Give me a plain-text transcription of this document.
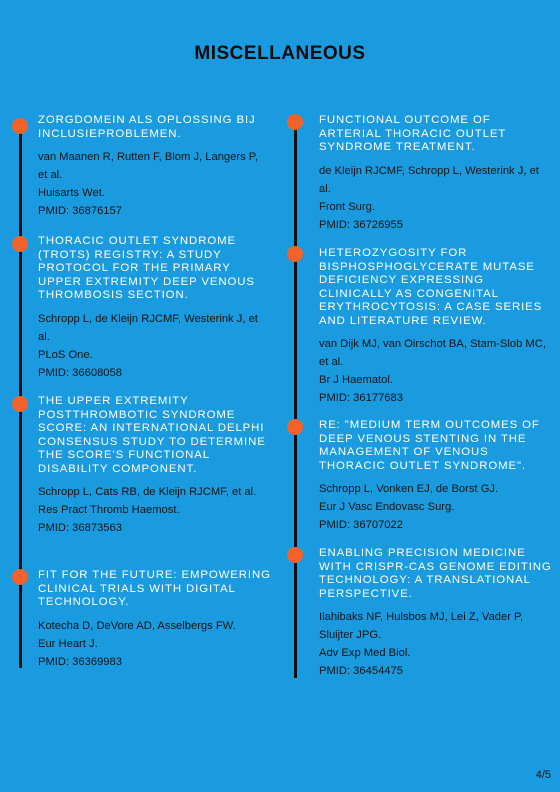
MISCELLANEOUS
ZORGDOMEIN ALS OPLOSSING BIJ INCLUSIEPROBLEMEN.
van Maanen R, Rutten F, Blom J, Langers P, et al.
Huisarts Wet.
PMID: 36876157
THORACIC OUTLET SYNDROME (TROTS) REGISTRY: A STUDY PROTOCOL FOR THE PRIMARY UPPER EXTREMITY DEEP VENOUS THROMBOSIS SECTION.
Schropp L, de Kleijn RJCMF, Westerink J, et al.
PLoS One.
PMID: 36608058
THE UPPER EXTREMITY POSTTHROMBOTIC SYNDROME SCORE: AN INTERNATIONAL DELPHI CONSENSUS STUDY TO DETERMINE THE SCORE'S FUNCTIONAL DISABILITY COMPONENT.
Schropp L, Cats RB, de Kleijn RJCMF, et al.
Res Pract Thromb Haemost.
PMID: 36873563
FIT FOR THE FUTURE: EMPOWERING CLINICAL TRIALS WITH DIGITAL TECHNOLOGY.
Kotecha D, DeVore AD, Asselbergs FW.
Eur Heart J.
PMID: 36369983
FUNCTIONAL OUTCOME OF ARTERIAL THORACIC OUTLET SYNDROME TREATMENT.
de Kleijn RJCMF, Schropp L, Westerink J, et al.
Front Surg.
PMID: 36726955
HETEROZYGOSITY FOR BISPHOSPHOGLYCERATE MUTASE DEFICIENCY EXPRESSING CLINICALLY AS CONGENITAL ERYTHROCYTOSIS: A CASE SERIES AND LITERATURE REVIEW.
van Dijk MJ, van Oirschot BA, Stam-Slob MC, et al.
Br J Haematol.
PMID: 36177683
RE: "MEDIUM TERM OUTCOMES OF DEEP VENOUS STENTING IN THE MANAGEMENT OF VENOUS THORACIC OUTLET SYNDROME".
Schropp L, Vonken EJ, de Borst GJ.
Eur J Vasc Endovasc Surg.
PMID: 36707022
ENABLING PRECISION MEDICINE WITH CRISPR-CAS GENOME EDITING TECHNOLOGY: A TRANSLATIONAL PERSPECTIVE.
Ilahibaks NF, Hulsbos MJ, Lei Z, Vader P, Sluijter JPG.
Adv Exp Med Biol.
PMID: 36454475
4/5
